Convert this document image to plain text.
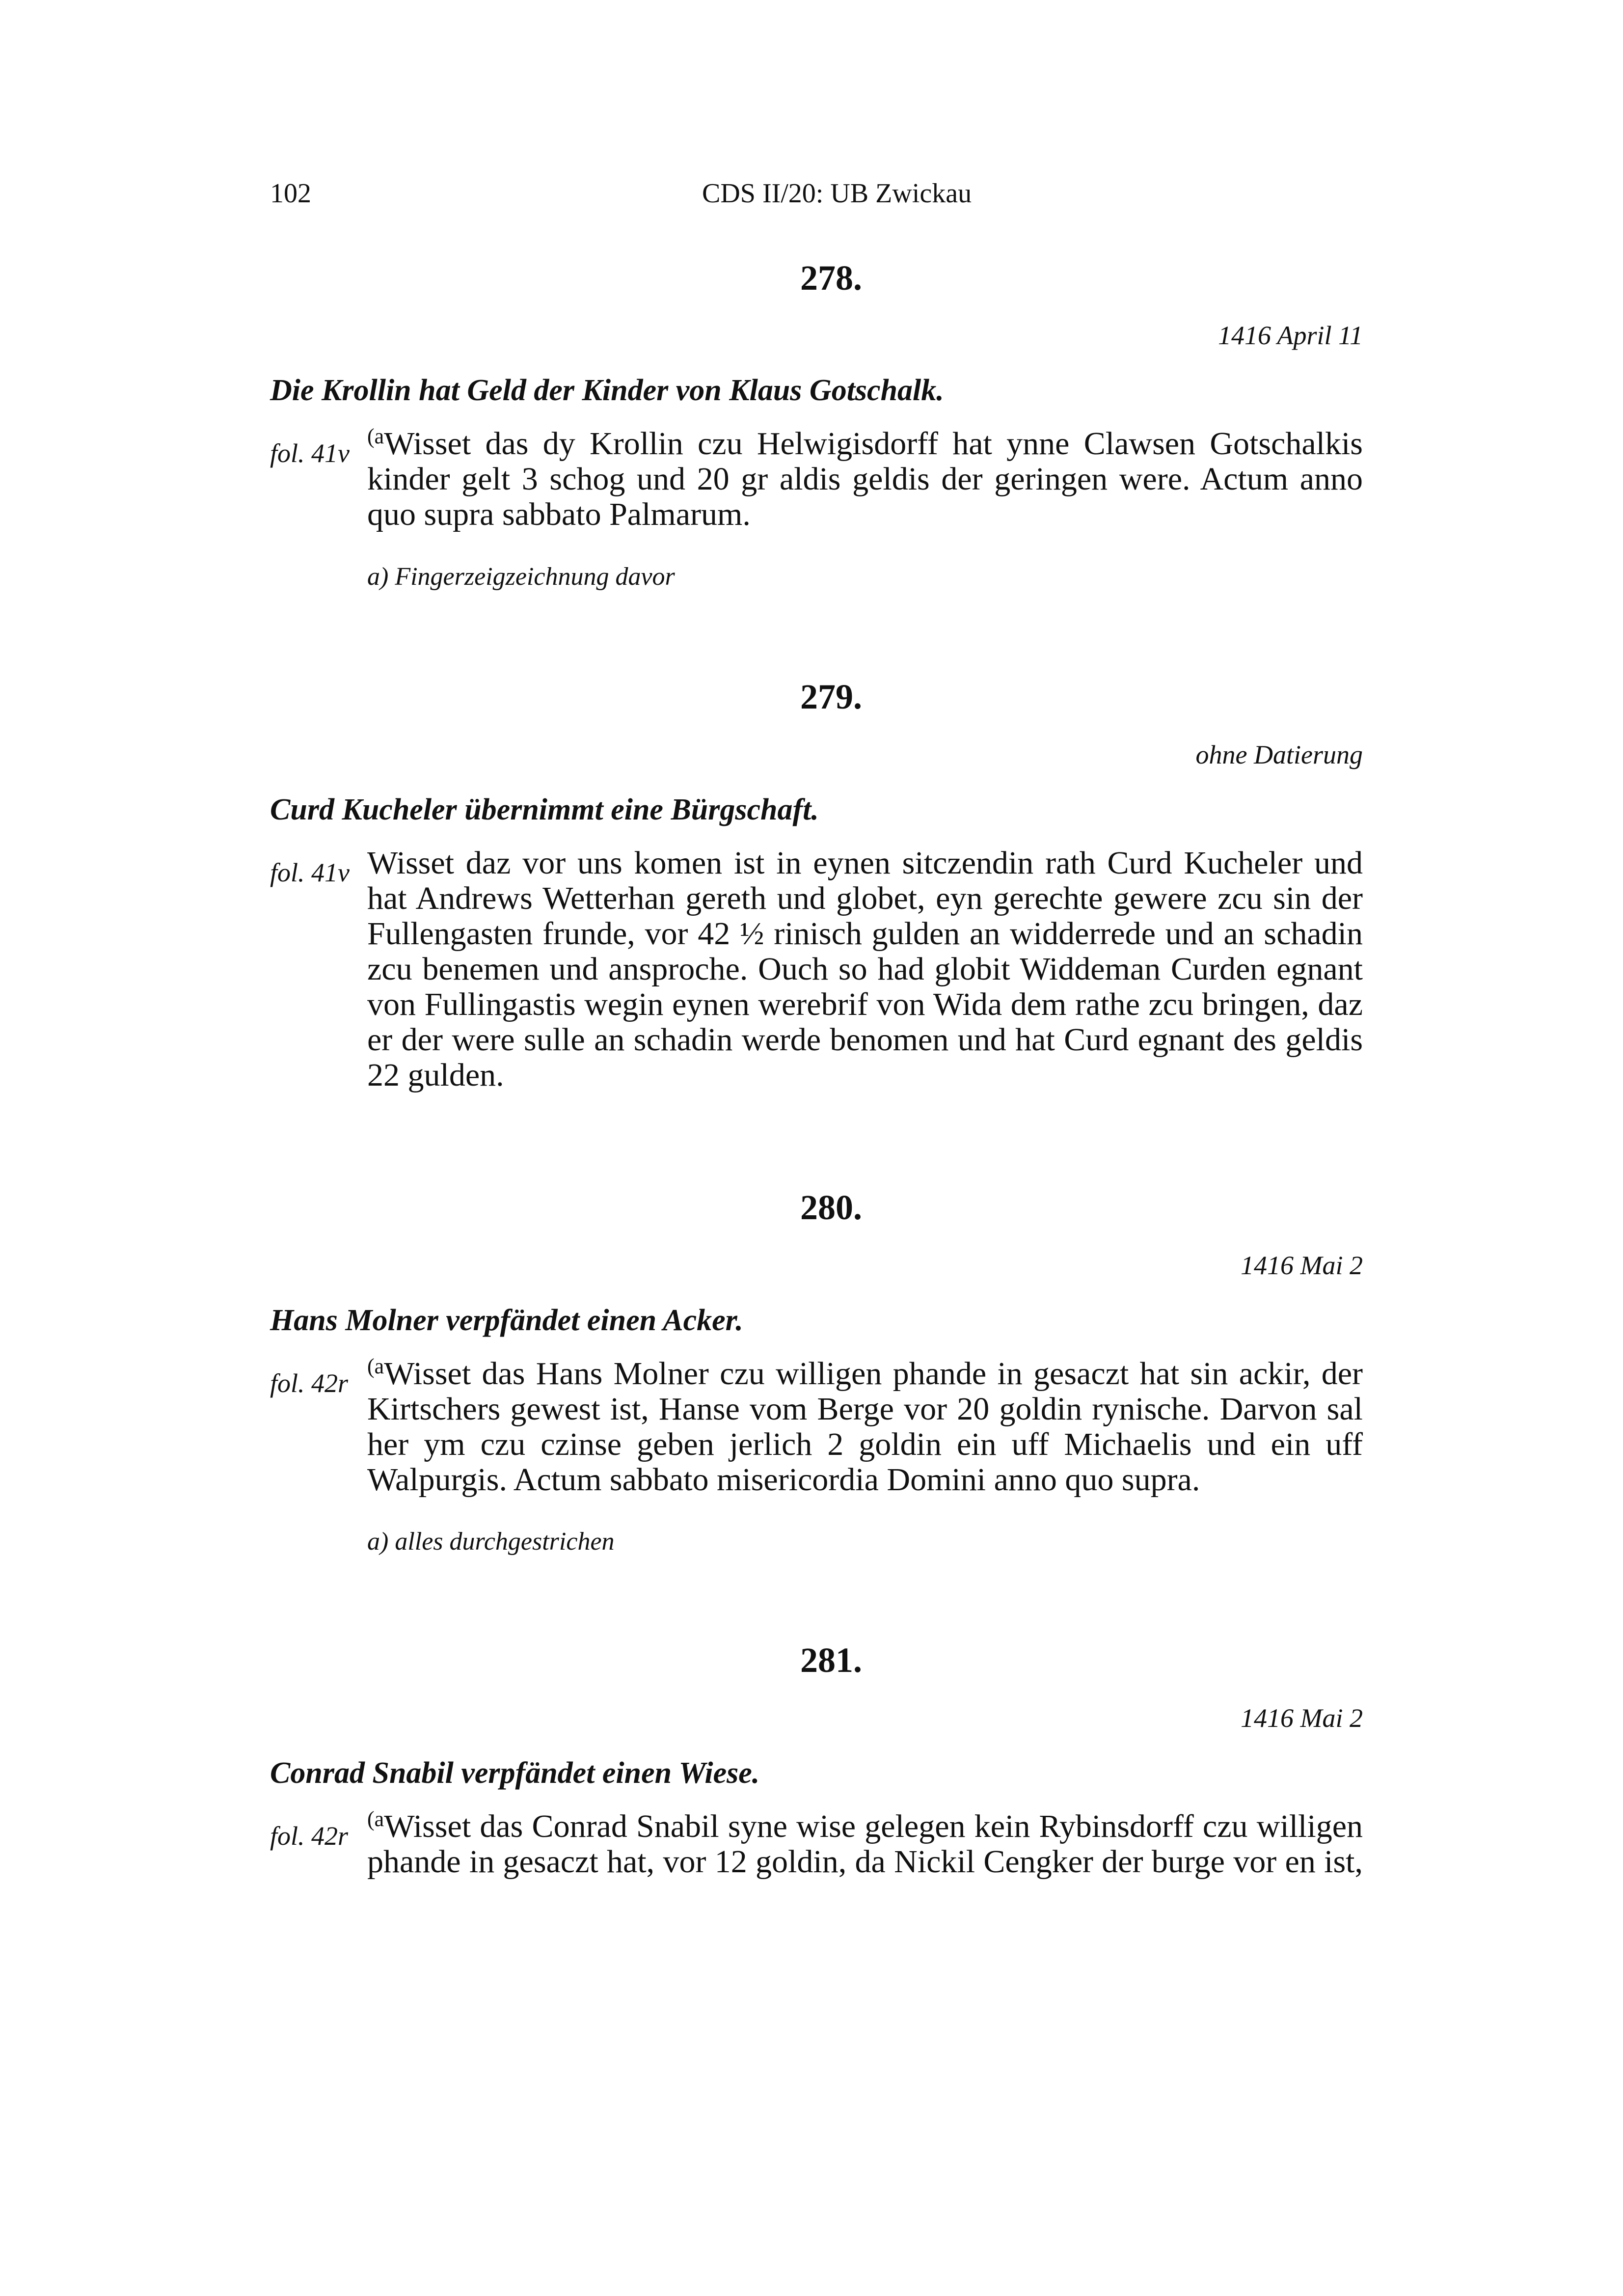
102	CDS II/20: UB Zwickau
278.
1416 April 11
Die Krollin hat Geld der Kinder von Klaus Gotschalk.
fol. 41v
$^{(a}$Wisset das dy Krollin czu Helwigisdorff hat ynne Clawsen Gotschalkis
kinder gelt 3 schog und 20 gr aldis geldis der geringen were. Actum anno
quo supra sabbato Palmarum.
a) Fingerzeigzeichnung davor
279.
ohne Datierung
Curd Kucheler übernimmt eine Bürgschaft.
fol. 41v Wisset daz vor uns komen ist in eynen sitczendin rath Curd Kucheler und
hat Andrews Wetterhan gereth und globet, eyn gerechte gewere zcu sin der
Fullengasten frunde, vor 42 ½ rinisch gulden an widderrede und an schadin
zcu benemen und ansproche. Ouch so had globit Widdeman Curden egnant
von Fullingastis wegin eynen werebrif von Wida dem rathe zcu bringen, daz
er der were sulle an schadin werde benomen und hat Curd egnant des geldis
22 gulden.
280.
1416 Mai 2
Hans Molner verpfändet einen Acker.
fol. 42r
$^{(a}$Wisset das Hans Molner czu willigen phande in gesaczt hat sin ackir, der
Kirtschers gewest ist, Hanse vom Berge vor 20 goldin rynische. Darvon sal
her ym czu czinse geben jerlich 2 goldin ein uff Michaelis und ein uff
Walpurgis. Actum sabbato misericordia Domini anno quo supra.
a) alles durchgestrichen
281.
1416 Mai 2
Conrad Snabil verpfändet einen Wiese.
fol. 42r
$^{(a}$Wisset das Conrad Snabil syne wise gelegen kein Rybinsdorff czu willigen
phande in gesaczt hat, vor 12 goldin, da Nickil Cengker der burge vor en ist,
